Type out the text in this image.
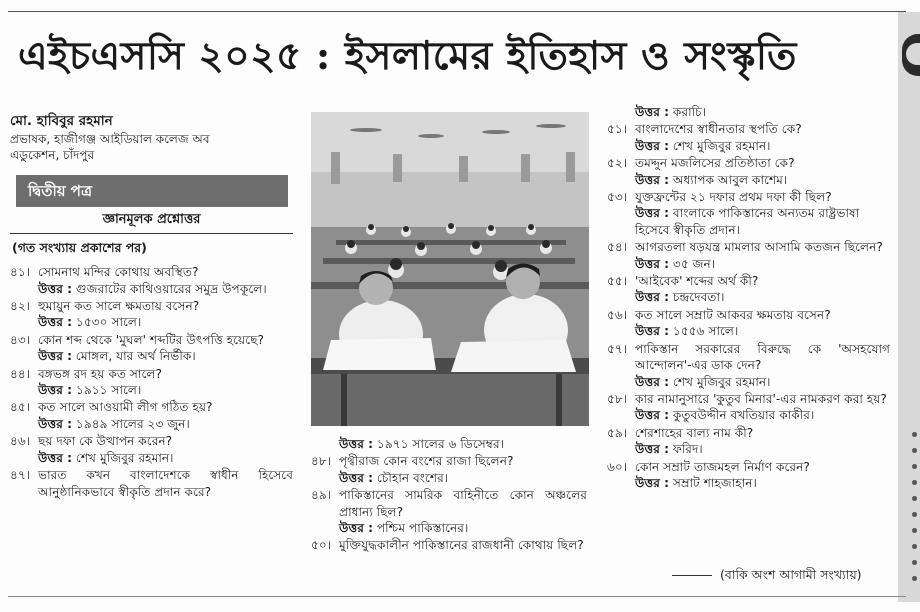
এইচএসসি ২০২৫ : ইসলামের ইতিহাস ও সংস্কৃতি
মো. হাবিবুর রহমান
প্রভাষক, হাজীগঞ্জ আইডিয়াল কলেজ অব
এডুকেশন, চাঁদপুর
দ্বিতীয় পত্র
জ্ঞানমূলক প্রশ্নোত্তর
(গত সংখ্যায় প্রকাশের পর)
৪১। সোমনাথ মন্দির কোথায় অবস্থিত?
উত্তর : গুজরাটের কাথিওয়ারের সমুদ্র উপকূলে।
৪২। হুমায়ুন কত সালে ক্ষমতায় বসেন?
উত্তর : ১৫৩০ সালে।
৪৩। কোন শব্দ থেকে 'মুঘল' শব্দটির উৎপত্তি হয়েছে?
উত্তর : মোঙ্গল, যার অর্থ নির্ভীক।
৪৪। বঙ্গভঙ্গ রদ হয় কত সালে?
উত্তর : ১৯১১ সালে।
৪৫। কত সালে আওয়ামী লীগ গঠিত হয়?
উত্তর : ১৯৪৯ সালের ২৩ জুন।
৪৬। ছয় দফা কে উত্থাপন করেন?
উত্তর : শেখ মুজিবুর রহমান।
৪৭। ভারত কখন বাংলাদেশকে স্বাধীন হিসেবে আনুষ্ঠানিকভাবে স্বীকৃতি প্রদান করে?
উত্তর : ১৯৭১ সালের ৬ ডিসেম্বর।
৪৮। পৃথ্বীরাজ কোন বংশের রাজা ছিলেন?
উত্তর : চৌহান বংশের।
৪৯। পাকিস্তানের সামরিক বাহিনীতে কোন অঞ্চলের প্রাধান্য ছিল?
উত্তর : পশ্চিম পাকিস্তানের।
৫০। মুক্তিযুদ্ধকালীন পাকিস্তানের রাজধানী কোথায় ছিল?
উত্তর : করাচি।
৫১। বাংলাদেশের স্বাধীনতার স্থপতি কে?
উত্তর : শেখ মুজিবুর রহমান।
৫২। তমদ্দুন মজলিসের প্রতিষ্ঠাতা কে?
উত্তর : অধ্যাপক আবুল কাশেম।
৫৩। যুক্তফ্রন্টের ২১ দফার প্রথম দফা কী ছিল?
উত্তর : বাংলাকে পাকিস্তানের অন্যতম রাষ্ট্রভাষা হিসেবে স্বীকৃতি প্রদান।
৫৪। আগরতলা ষড়যন্ত্র মামলার আসামি কতজন ছিলেন?
উত্তর : ৩৫ জন।
৫৫। 'আইবেক' শব্দের অর্থ কী?
উত্তর : চন্দ্রদেবতা।
৫৬। কত সালে সম্রাট আকবর ক্ষমতায় বসেন?
উত্তর : ১৫৫৬ সালে।
৫৭। পাকিস্তান সরকারের বিরুদ্ধে কে 'অসহযোগ আন্দোলন'-এর ডাক দেন?
উত্তর : শেখ মুজিবুর রহমান।
৫৮। কার নামানুসারে 'কুতুব মিনার'-এর নামকরণ করা হয়?
উত্তর : কুতুবউদ্দীন বখতিয়ার কাকীর।
৫৯। শেরশাহের বাল্য নাম কী?
উত্তর : ফরিদ।
৬০। কোন সম্রাট তাজমহল নির্মাণ করেন?
উত্তর : সম্রাট শাহজাহান।
(বাকি অংশ আগামী সংখ্যায়)
